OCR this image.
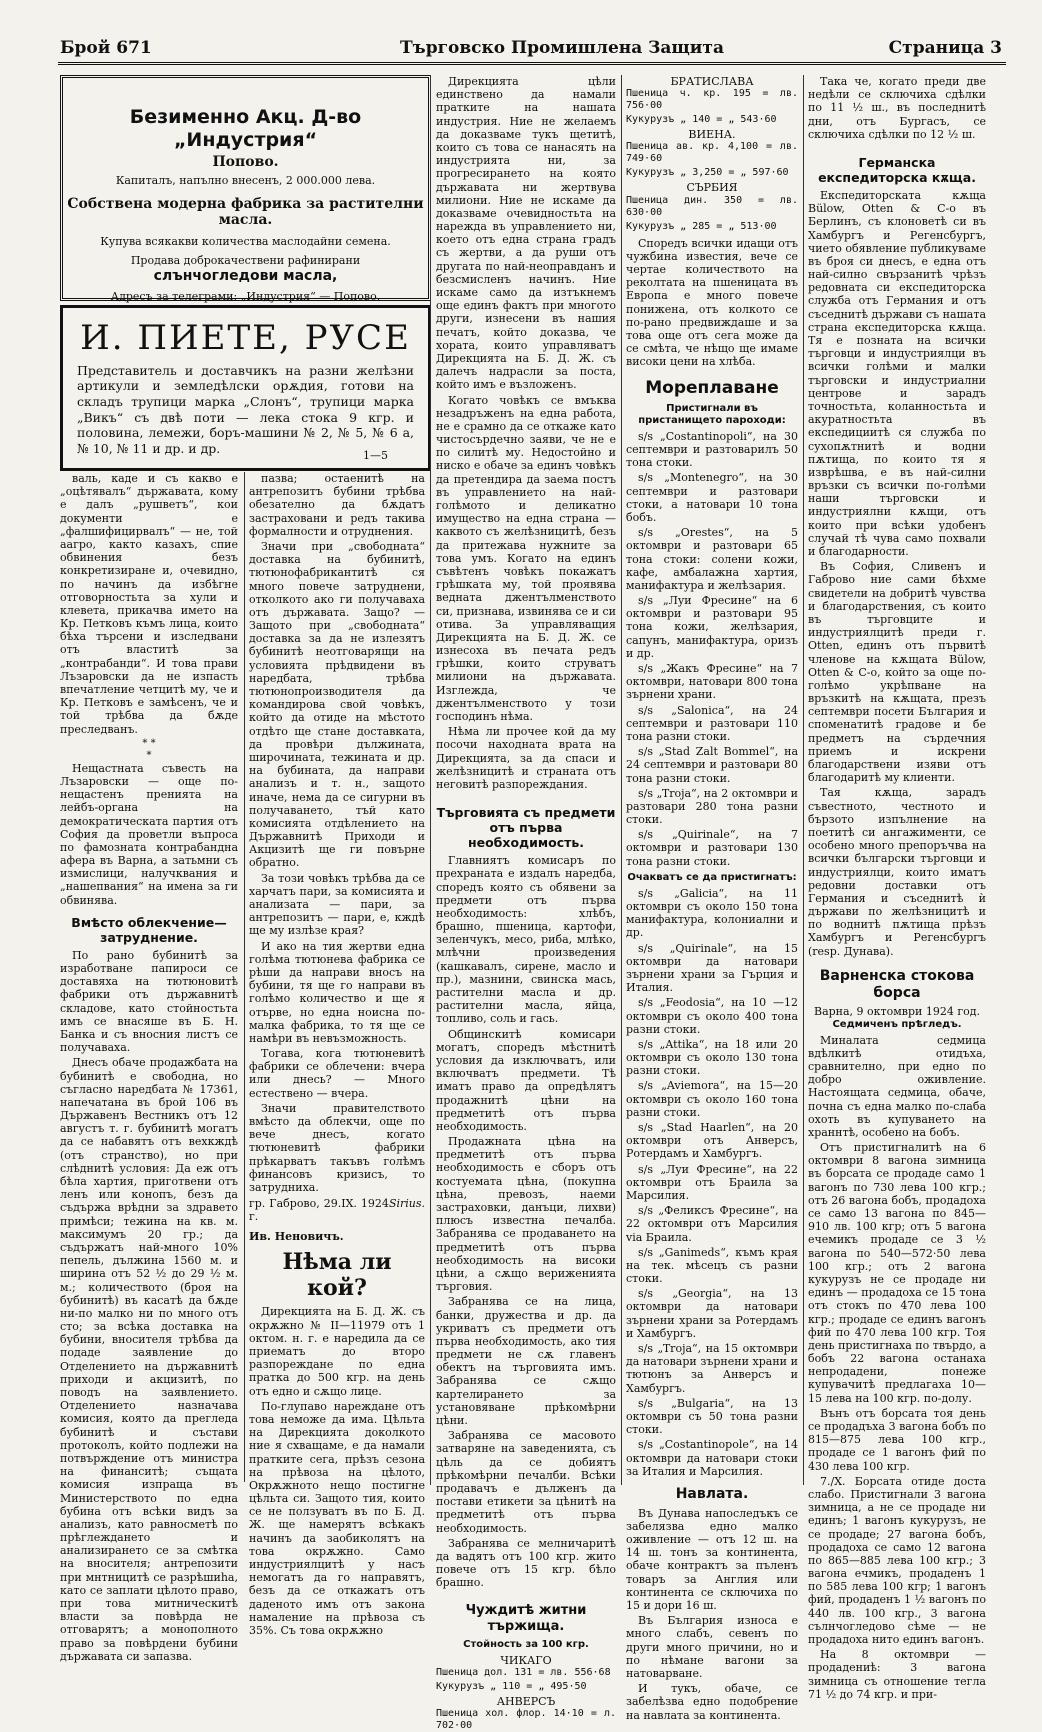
Брой 671	Търговско Промишлена Защита	Страница 3
Безименно Акц. Д-во „Индустрия“
Попово.
Капиталъ, напълно внесенъ, 2 000.000 лева.
Собствена модерна фабрика за растителни масла.
Купува всякакви количества маслодайни семена.
Продава доброкачествени рафинирани
слънчогледови масла,
Адресъ за телеграми: „Индустрия“ — Попово.
И. ПИЕТЕ, РУСЕ
Представитель и доставчикъ на разни желѣзни артикули и земледѣлски орѫдия, готови на складъ трупици марка „Слонъ“, трупици марка „Викъ“ съ двѣ поти — лека стока 9 кгр. и половина, лемежи, боръ-машини № 2, № 5, № 6 а, № 10, № 11 и др. и др.	1—5

валь, каде и съ какво е „оцѣтявалъ“ държавата, кому е далъ „рушветъ“, кои документи е „фалшифицирвалъ“ — не, той аагро, както казахъ, спие обвинения безъ конкретизиране и, очевидно, по начинъ да избѣгне отговорностьта за хули и клевета, прикачва името на Кр. Петковъ къмъ лица, които бѣха търсени и изследвани отъ властитѣ за „контрабанди“. И това прави Лъзаровски да не изпасть впечатление четцитѣ му, че и Кр. Петковъ е замѣсенъ, че и той трѣбва да бѫде преследванъ.

* *
*

Нещастната съвесть на Лъзаровски — още по-нещастенъ пренията на лейбъ-органа на демократическата партия отъ София да проветли въпроса по фамозната контрабандна афера въ Варна, а затьмни съ измислици, налучквания и „нашепвания“ на имена за ги обвинява.

Вмѣсто облекчение—затруднение.

По рано бубинитѣ за изработване папироси се доставяха на тютюновитѣ фабрики отъ държавнитѣ складове, като стойностьта имъ се внасяше въ Б. Н. Банка и съ вносния листъ се получаваха.

Днесъ обаче продажбата на бубинитѣ е свободна, но съгласно наредбата № 17361, напечатана въ брой 106 въ Държавенъ Вестникъ отъ 12 августъ т. г. бубинитѣ могатъ да се набавятъ отъ вехкждѣ (отъ странство), но при слѣднитѣ условия: Да еж отъ бѣла хартия, приготвени отъ ленъ или конопъ, безъ да съдържа врѣдни за здравето примѣси; тежина на кв. м. максимумъ 20 гр.; да съдържатъ най-много 10% пепель, дължина 1560 м. и ширина отъ 52 ½ до 29 ½ м. м.; количеството (броя на бубинитѣ) въ касатѣ да бѫде ни-по малко ни по много отъ сто; за всѣка доставка на бубини, вносителя трѣбва да подаде заявление до Отделението на държавнитѣ приходи и акцизитѣ, по поводъ на заявлението. Отделението назначава комисия, която да прегледа бубинитѣ и състави протоколъ, който подлежи на потвърждение отъ министра на финанситѣ; същата комисия изпраща въ Министерството по една бубина отъ всѣки видъ за анализъ, като равносметѣ по прѣглеждането и анализирането се за смѣтка на вносителя; антрепозити при мнтницитѣ се разрѣшиhа, като се заплати цѣлото право, при това митническитѣ власти за повѣрда не отговарятъ; а монополното право за повѣрдени бубини държавата си запазва.

пазва; остаенитѣ на антрепозитъ бубини трѣбва обезателно да бѫдатъ застраховани и редъ такива формалности и отруднения.

Значи при „свободната“ доставка на бубинитѣ, тютюнофабрикантитѣ ся много повече затруднени, отколкото ако ги получаваха отъ държавата. Защо? — Защото при „свободната“ доставка за да не излезятъ бубинитѣ неотговарящи на условията прѣдвидени въ наредбата, трѣбва тютюнопроизводителя да командирова свой човѣкъ, който да отиде на мѣстото отдѣто ще стане доставката, да провѣри дължината, широчината, тежината и др. на бубината, да направи анализъ и т. н., защото иначе, нема да се сигурни въ получаването, тъй като комисията отдѣлението на Държавнитѣ Приходи и Акцизитѣ ще ги повърне обратно.

За този човѣкъ трѣбва да се харчатъ пари, за комисията и анализата — пари, за антрепозитъ — пари, е, кждѣ ще му излѣзе края?

И ако на тия жертви една голѣма тютюнева фабрика се рѣши да направи вносъ на бубини, тя ще го направи въ голѣмо количество и ще я отърве, но една ноисна по-малка фабрика, то тя ще се намѣри въ невъзможность.

Тогава, кога тютюневитѣ фабрики се облечени: вчера или днесь? — Много естествено — вчера.

Значи правителството вмѣсто да облекчи, още по вече днесъ, когато тютюневитѣ фабрики прѣкарватъ такъвъ голѣмъ финансовъ кризисъ, то затрудниха.

гр. Габрово, 29.IX. 1924 г.
Sirius.
Ив. Неновичъ.
Нѣма ли кой?

Дирекцията на Б. Д. Ж. съ окрѫжно № II—11979 отъ 1 октом. н. г. е наредила да се приематъ до второ разпореждане по една пратка до 500 кгр. на день отъ едно и сѫщо лице.

По-глупаво нареждане отъ това неможе да има. Цѣльта на Дирекцията доколкото ние я схващаме, е да намали пратките сега, прѣзъ сезона на прѣвоза на цѣлото, Окрѫжното нещо постигне цѣльта си. Защото тия, които се не ползуватъ въ по Б. Д. Ж. ще намерятъ всѣкакъ начинъ да заобиколятъ на това окрѫжно. Само индустриялцитѣ у насъ немогатъ да го направятъ, безъ да се откажатъ отъ даденото имъ отъ закона намаление на прѣвоза съ 35%. Съ това окрѫжно

Дирекцията цѣли единствено да намали пратките на нашата индустрия. Ние не желаемъ да доказваме тукъ щетитѣ, които съ това се нанасять на индустрията ни, за прогресирането на която държавата ни жертвува милиони. Ние не искаме да доказваме очевидностьта на нарежда въ управлението ни, което отъ една страна градъ съ жертви, а да руши отъ другата по най-неоправданъ и безсмисленъ начинъ. Ние искаме само да изтъкнемъ още единъ фактъ при многото други, изнесени въ нашия печатъ, който доказва, че хората, които управляватъ Дирекцията на Б. Д. Ж. съ далечъ надрасли за поста, който имъ е възложенъ.

Когато човѣкъ се вмъква незадръженъ на една работа, не е срамно да се откаже като чистосърдечно заяви, че не е по силитѣ му. Недостойно и ниско е обаче за единъ човѣкъ да претендира да заема постъ въ управлението на най-голѣмото и деликатно имущество на една страна — каквото съ желѣзницитѣ, безъ да притежава нужните за това умъ. Когато на единъ съвѣтенъ човѣкъ покажатъ грѣшката му, той проявява ведната джентълменството си, признава, извинява се и си отива. За управляващия Дирекцията на Б. Д. Ж. се изнесоха въ печата редъ грѣшки, които струватъ милиони на държавата. Изглежда, че джентълменството у този господинъ нѣма.

Нѣма ли прочее кой да му посочи находната врата на Дирекцията, за да спаси и желѣзницитѣ и страната отъ неговитѣ разпореждания.

Търговията съ предмети отъ първа необходимость.

Главниятъ комисаръ по прехраната е издалъ наредба, споредъ която съ обявени за предмети отъ първа необходимость: хлѣбъ, брашно, пшеница, картофи, зеленчукъ, месо, риба, млѣко, млѣчни произведения (кашкавалъ, сирене, масло и пр.), мазнини, свинска мась, растителни масла и др. растителни масла, яйца, топливо, соль и гась.

Общинскитѣ комисари могатъ, споредъ мѣстнитѣ условия да изключватъ, или включватъ предмети. Тѣ иматъ право да опредѣлятъ продажнитѣ цѣни на предметитѣ отъ първа необходимость.

Продажната цѣна на предметитѣ отъ първа необходимость е сборъ отъ костуемата цѣна, (покупна цѣна, превозъ, наеми застраховки, данъци, лихви) плюсъ известна печалба. Забранява се продаването на предметитѣ отъ първа необходимость на високи цѣни, а сѫщо вериженията търговия.

Забранява се на лица, банки, дружества и др. да укриватъ съ предмети отъ първа необходимость, ако тия предмети не сѫ главенъ обектъ на търговията имъ. Забранява се сѫщо картелирането за установяване прѣкомѣрни цѣни.

Забранява се масовото затваряне на заведенията, съ цѣль да се добиятъ прѣкомѣрни печалби. Всѣки продавачъ е дълженъ да постави етикети за цѣнитѣ на предметитѣ отъ първа необходимость.

Забранява се мелничаритѣ да вадятъ отъ 100 кгр. жито повече отъ 15 кгр. бѣло брашно.

Чуждитѣ житни тържища.
Стойность за 100 кгр.
ЧИКАГО

Пшеница дол. 131 = лв. 556·68

Кукурузъ „ 110 = „ 495·50

АНВЕРСЪ

Пшеница хол. флор. 14·10 = л. 702·00

БРАТИСЛАВА

Пшеница ч. кр. 195 = лв. 756·00

Кукурузъ „ 140 = „ 543·60

ВИЕНА.

Пшеница ав. кр. 4,100 = лв. 749·60

Кукурузъ „ 3,250 = „ 597·60

СЪРБИЯ

Пшеница дин. 350 = лв. 630·00

Кукурузъ „ 285 = „ 513·00

Споредъ всички идащи отъ чужбина известия, вече се чертае количеството на реколтата на пшеницата въ Европа е много повече понижена, отъ колкото се по-рано предвиждаше и за това още отъ сега може да се смѣта, че нѣщо ще имаме високи цени на хлѣба.

Мореплаване
Пристигнали въ пристанището пароходи:

s/s „Costantinopoli“, на 30 септември и разтоварилъ 50 тона стоки.

s/s „Montenegro“, на 30 септември и разтовари стоки, а натовари 10 тона бобъ.

s/s „Orestes“, на 5 октомври и разтовари 65 тона стоки: солени кожи, кафе, амбалажна хартия, манифактура и желѣзария.

s/s „Луи Фресине“ на 6 октомври и разтовари 95 тона кожи, желѣзария, сапунъ, манифактура, оризъ и др.

s/s „Жакъ Фресине“ на 7 октомври, натовари 800 тона зърнени храни.

s/s „Salonica“, на 24 септември и разтовари 110 тона разни стоки.

s/s „Stad Zalt Bommel“, на 24 септември и разтовари 80 тона разни стоки.

s/s „Troja“, на 2 октомври и разтовари 280 тона разни стоки.

s/s „Quirinale“, на 7 октомври и разтовари 130 тона разни стоки.

Очакватъ се да пристигнатъ:

s/s „Galicia“, на 11 октомври съ около 150 тона манифактура, колониални и др.

s/s „Quirinale“, на 15 октомври да натовари зърнени храни за Гърция и Италия.

s/s „Feodosia“, на 10 —12 октомври съ около 400 тона разни стоки.

s/s „Attika“, на 18 или 20 октомври съ около 130 тона разни стоки.

s/s „Aviemora“, на 15—20 октомври съ около 160 тона разни стоки.

s/s „Stad Haarlen“, на 20 октомври отъ Анверсъ, Ротердамъ и Хамбургъ.

s/s „Луи Фресине“, на 22 октомври отъ Браила за Марсилия.

s/s „Феликсъ Фресине“, на 22 октомври отъ Марсилия via Браила.

s/s „Ganimeds“, къмъ края на тек. мѣсецъ съ разни стоки.

s/s „Georgia“, на 13 октомври да натовари зърнени храни за Ротердамъ и Хамбургъ.

s/s „Troja“, на 15 октомври да натовари зърнени храни и тютюнъ за Анверсъ и Хамбургъ.

s/s „Bulgaria“, на 13 октомври съ 50 тона разни стоки.

s/s „Costantinopole“, на 14 октомври да натовари стоки за Италия и Марсилия.

Навлата.

Въ Дунава напоследъкъ се забелязва едно малко оживление — отъ 12 ш. на 14 ш. тонъ за континента, обаче контрактъ за пъленъ товаръ за Англия или континента се сключиха по 15 и дори 16 ш.

Въ България износа е много слабъ, севенъ по други много причини, но и по нѣмане вагони за натоварване.

И тукъ, обаче, се забелѣзва едно подобрение на навлата за континента.

Така че, когато преди две недѣли се сключиха сдѣлки по 11 ½ ш., въ последнитѣ дни, отъ Бургасъ, се сключиха сдѣлки по 12 ½ ш.

Германска експедиторска кѫща.

Експедиторската кѫща Bülow, Otten & C-o въ Берлинъ, съ клоноветѣ си въ Хамбургъ и Регенсбургъ, чието обявление публикуваме въ броя си днесъ, е една отъ най-силно свързанитѣ чрѣзъ редовната си експедиторска служба отъ Германия и отъ съседнитѣ държави съ нашата страна експедиторска кѫща. Тя е позната на всички търговци и индустриялци въ всички голѣми и малки търговски и индустриални центрове и зарадъ точностьта, коланностьта и акуратностьта въ експедициитѣ ся служба по сухопѫтнитѣ и водни пѫтища, по които тя я изврѣшва, е въ най-силни връзки съ всички по-голѣми наши търговски и индустриялни кѫщи, отъ които при всѣки удобенъ случай тѣ чува само похвали и благодарности.

Въ София, Сливенъ и Габрово ние сами бѣхме свидетели на добритѣ чувства и благодарствения, съ които въ търговците и индустриялцитѣ преди г. Otten, единъ отъ първитѣ членове на кѫщата Bülow, Otten & C-o, който за още по-голѣмо укрѣпване на връзкитѣ на кѫщата, презъ септември посети България и споменатитѣ градове и бе предметъ на сърдечния приемъ и искрени благодарствени изяви отъ благодаритѣ му клиенти.

Тая кѫща, зарадъ съвестното, честното и бързото изпълнение на поетитѣ си ангажименти, се особено много препоръчва на всички български търговци и индустриялци, които иматъ редовни доставки отъ Германия и съседнитѣ ѝ държави по желѣзницитѣ и по воднитѣ пѫтища прѣзъ Хамбургъ и Регенсбургъ (resp. Дунава).

Варненска стокова борса
Варна, 9 октомври 1924 год.
Седмиченъ прѣгледъ.

Миналата седмица вдѣлкитѣ отидъха, сравнително, при едно по добро оживление. Настоящата седмица, обаче, почна съ една малко по-слаба охоть въ купуването на храннтѣ, особено на бобъ.

Отъ пристигналитѣ на 6 октомври 8 вагона зимница въ борсата се продаде само 1 вагонъ по 730 лева 100 кгр.; отъ 26 вагона бобъ, продадоха се само 13 вагона по 845—910 лв. 100 кгр; отъ 5 вагона ечемикъ продаде се 3 ½ вагона по 540—572·50 лева 100 кгр.; отъ 2 вагона кукурузъ не се продаде ни единъ — продадоха се 15 тона отъ стокъ по 470 лева 100 кгр.; продаде се единъ вагонъ фий по 470 лева 100 кгр. Тоя день пристигнаха по твърдо, а бобъ 22 вагона останаха непродадени, понеже купувачитѣ предлагаха 10—15 лева на 100 кгр. по-долу.

Вънъ отъ борсата тоя день се продадъха 3 вагона бобъ по 815—875 лева 100 кгр., продаде се 1 вагонъ фий по 430 лева 100 кгр.

7./X. Борсата отиде доста слабо. Пристигнали 3 вагона зимница, а не се продаде ни единъ; 1 вагонъ кукурузъ, не се продаде; 27 вагона бобъ, продадоха се само 12 вагона по 865—885 лева 100 кгр.; 3 вагона ечмикъ, продаденъ 1 по 585 лева 100 кгр; 1 вагонъ фий, продаденъ 1 ½ вагонъ по 440 лв. 100 кгр., 3 вагона сълнчогледово сѣме — не продадоха нито единъ вагонъ.

На 8 октомври — продадениѣ: 3 вагона зимница съ отношение тегла 71 ½ до 74 кгр. и при-
